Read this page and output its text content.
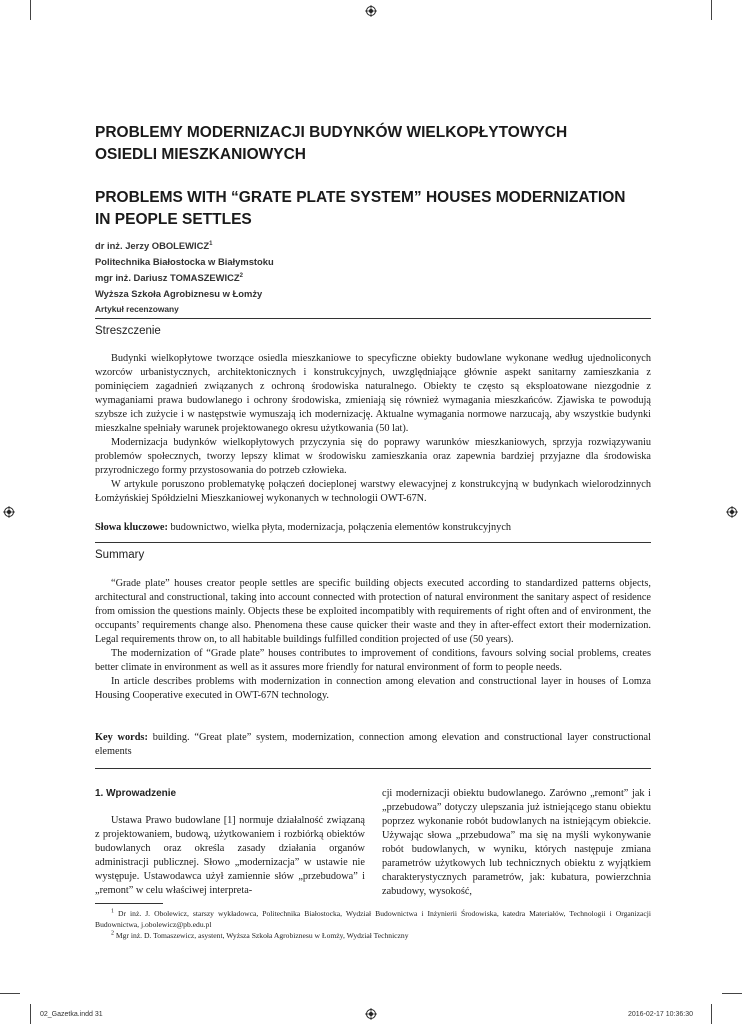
PROBLEMY MODERNIZACJI BUDYNKÓW WIELKOPŁYTOWYCH
OSIEDLI MIESZKANIOWYCH
PROBLEMS WITH “GRATE PLATE SYSTEM” HOUSES MODERNIZATION
IN PEOPLE SETTLES
dr inż. Jerzy OBOLEWICZ$^1$
Politechnika Białostocka w Białymstoku
mgr inż. Dariusz TOMASZEWICZ$^2$
Wyższa Szkoła Agrobiznesu w Łomży
Artykuł recenzowany
Streszczenie

Budynki wielkopłytowe tworzące osiedla mieszkaniowe to specyficzne obiekty budowlane wykonane według ujednoliconych wzorców urbanistycznych, architektonicznych i konstrukcyjnych, uwzględniające głównie aspekt sanitarny zamieszkania z pominięciem zagadnień związanych z ochroną środowiska naturalnego. Obiekty te często są eksploatowane niezgodnie z wymaganiami prawa budowlanego i ochrony środowiska, zmieniają się również wymagania mieszkańców. Zjawiska te powodują szybsze ich zużycie i w następstwie wymuszają ich modernizację. Aktualne wymagania normowe narzucają, aby wszystkie budynki mieszkalne spełniały warunek projektowanego okresu użytkowania (50 lat).

Modernizacja budynków wielkopłytowych przyczynia się do poprawy warunków mieszkaniowych, sprzyja rozwiązywaniu problemów społecznych, tworzy lepszy klimat w środowisku zamieszkania oraz zapewnia bardziej przyjazne dla środowiska przyrodniczego formy przystosowania do potrzeb człowieka.

W artykule poruszono problematykę połączeń docieplonej warstwy elewacyjnej z konstrukcyjną w budynkach wielorodzinnych Łomżyńskiej Spółdzielni Mieszkaniowej wykonanych w technologii OWT-67N.

Słowa kluczowe: budownictwo, wielka płyta, modernizacja, połączenia elementów konstrukcyjnych
Summary

“Grade plate” houses creator people settles are specific building objects executed according to standardized patterns objects, architectural and constructional, taking into account connected with protection of natural environment the sanitary aspect of residence from omission the questions mainly. Objects these be exploited incompatibly with requirements of right often and of environment, the occupants’ requirements change also. Phenomena these cause quicker their waste and they in after-effect extort their modernization. Legal requirements throw on, to all habitable buildings fulfilled condition projected of use (50 years).

The modernization of “Grade plate” houses contributes to improvement of conditions, favours solving social problems, creates better climate in environment as well as it assures more friendly for natural environment of form to people needs.

In article describes problems with modernization in connection among elevation and constructional layer in houses of Lomza Housing Cooperative executed in OWT-67N technology.

Key words: building. “Great plate” system, modernization, connection among elevation and constructional layer constructional elements
1. Wprowadzenie

Ustawa Prawo budowlane [1] normuje działalność związaną z projektowaniem, budową, użytkowaniem i rozbiórką obiektów budowlanych oraz określa zasady działania organów administracji publicznej. Słowo „modernizacja” w ustawie nie występuje. Ustawodawca użył zamiennie słów „przebudowa” i „remont” w celu właściwej interpreta-

cji modernizacji obiektu budowlanego. Zarówno „remont” jak i „przebudowa” dotyczy ulepszania już istniejącego stanu obiektu poprzez wykonanie robót budowlanych na istniejącym obiekcie. Używając słowa „przebudowa” ma się na myśli wykonywanie robót budowlanych, w wyniku, których następuje zmiana parametrów użytkowych lub technicznych obiektu z wyjątkiem charakterystycznych parametrów, jak: kubatura, powierzchnia zabudowy, wysokość,

$^1$ Dr inż. J. Obolewicz, starszy wykładowca, Politechnika Białostocka, Wydział Budownictwa i Inżynierii Środowiska, katedra Materiałów, Technologii i Organizacji Budownictwa, j.obolewicz@pb.edu.pl

$^2$ Mgr inż. D. Tomaszewicz, asystent, Wyższa Szkoła Agrobiznesu w Łomży, Wydział Techniczny

02_Gazetka.indd 31	2016-02-17 10:36:30
